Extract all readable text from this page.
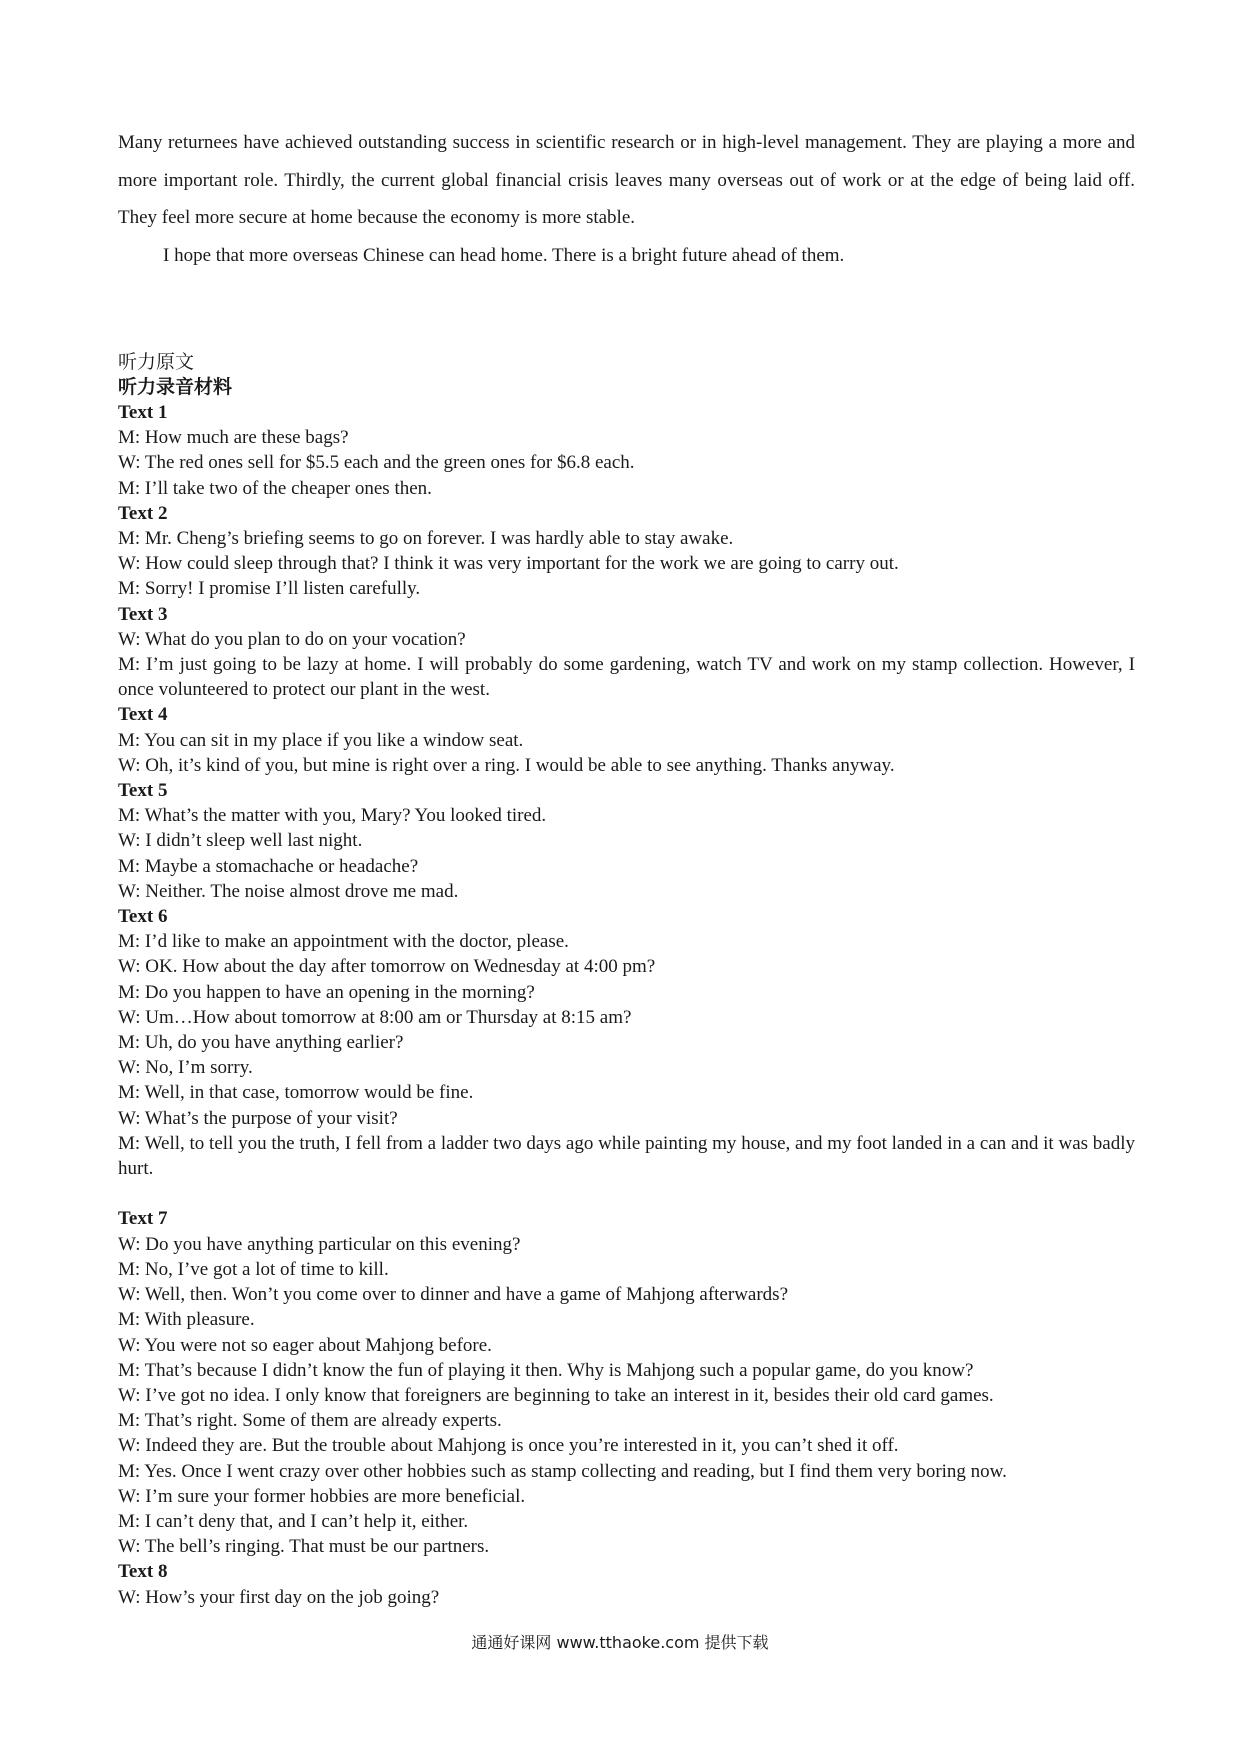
Many returnees have achieved outstanding success in scientific research or in high-level management. They are playing a more and more important role. Thirdly, the current global financial crisis leaves many overseas out of work or at the edge of being laid off. They feel more secure at home because the economy is more stable.

I hope that more overseas Chinese can head home. There is a bright future ahead of them.

听力原文

听力录音材料

Text 1

M: How much are these bags?

W: The red ones sell for $5.5 each and the green ones for $6.8 each.

M: I’ll take two of the cheaper ones then.

Text 2

M: Mr. Cheng’s briefing seems to go on forever. I was hardly able to stay awake.

W: How could sleep through that? I think it was very important for the work we are going to carry out.

M: Sorry! I promise I’ll listen carefully.

Text 3

W: What do you plan to do on your vocation?

M: I’m just going to be lazy at home. I will probably do some gardening, watch TV and work on my stamp collection. However, I once volunteered to protect our plant in the west.

Text 4

M: You can sit in my place if you like a window seat.

W: Oh, it’s kind of you, but mine is right over a ring. I would be able to see anything. Thanks anyway.

Text 5

M: What’s the matter with you, Mary? You looked tired.

W: I didn’t sleep well last night.

M: Maybe a stomachache or headache?

W: Neither. The noise almost drove me mad.

Text 6

M: I’d like to make an appointment with the doctor, please.

W: OK. How about the day after tomorrow on Wednesday at 4:00 pm?

M: Do you happen to have an opening in the morning?

W: Um…How about tomorrow at 8:00 am or Thursday at 8:15 am?

M: Uh, do you have anything earlier?

W: No, I’m sorry.

M: Well, in that case, tomorrow would be fine.

W: What’s the purpose of your visit?

M: Well, to tell you the truth, I fell from a ladder two days ago while painting my house, and my foot landed in a can and it was badly hurt.

Text 7

W: Do you have anything particular on this evening?

M: No, I’ve got a lot of time to kill.

W: Well, then. Won’t you come over to dinner and have a game of Mahjong afterwards?

M: With pleasure.

W: You were not so eager about Mahjong before.

M: That’s because I didn’t know the fun of playing it then. Why is Mahjong such a popular game, do you know?

W: I’ve got no idea. I only know that foreigners are beginning to take an interest in it, besides their old card games.

M: That’s right. Some of them are already experts.

W: Indeed they are. But the trouble about Mahjong is once you’re interested in it, you can’t shed it off.

M: Yes. Once I went crazy over other hobbies such as stamp collecting and reading, but I find them very boring now.

W: I’m sure your former hobbies are more beneficial.

M: I can’t deny that, and I can’t help it, either.

W: The bell’s ringing. That must be our partners.

Text 8

W: How’s your first day on the job going?

通通好课网 www.tthaoke.com 提供下载
